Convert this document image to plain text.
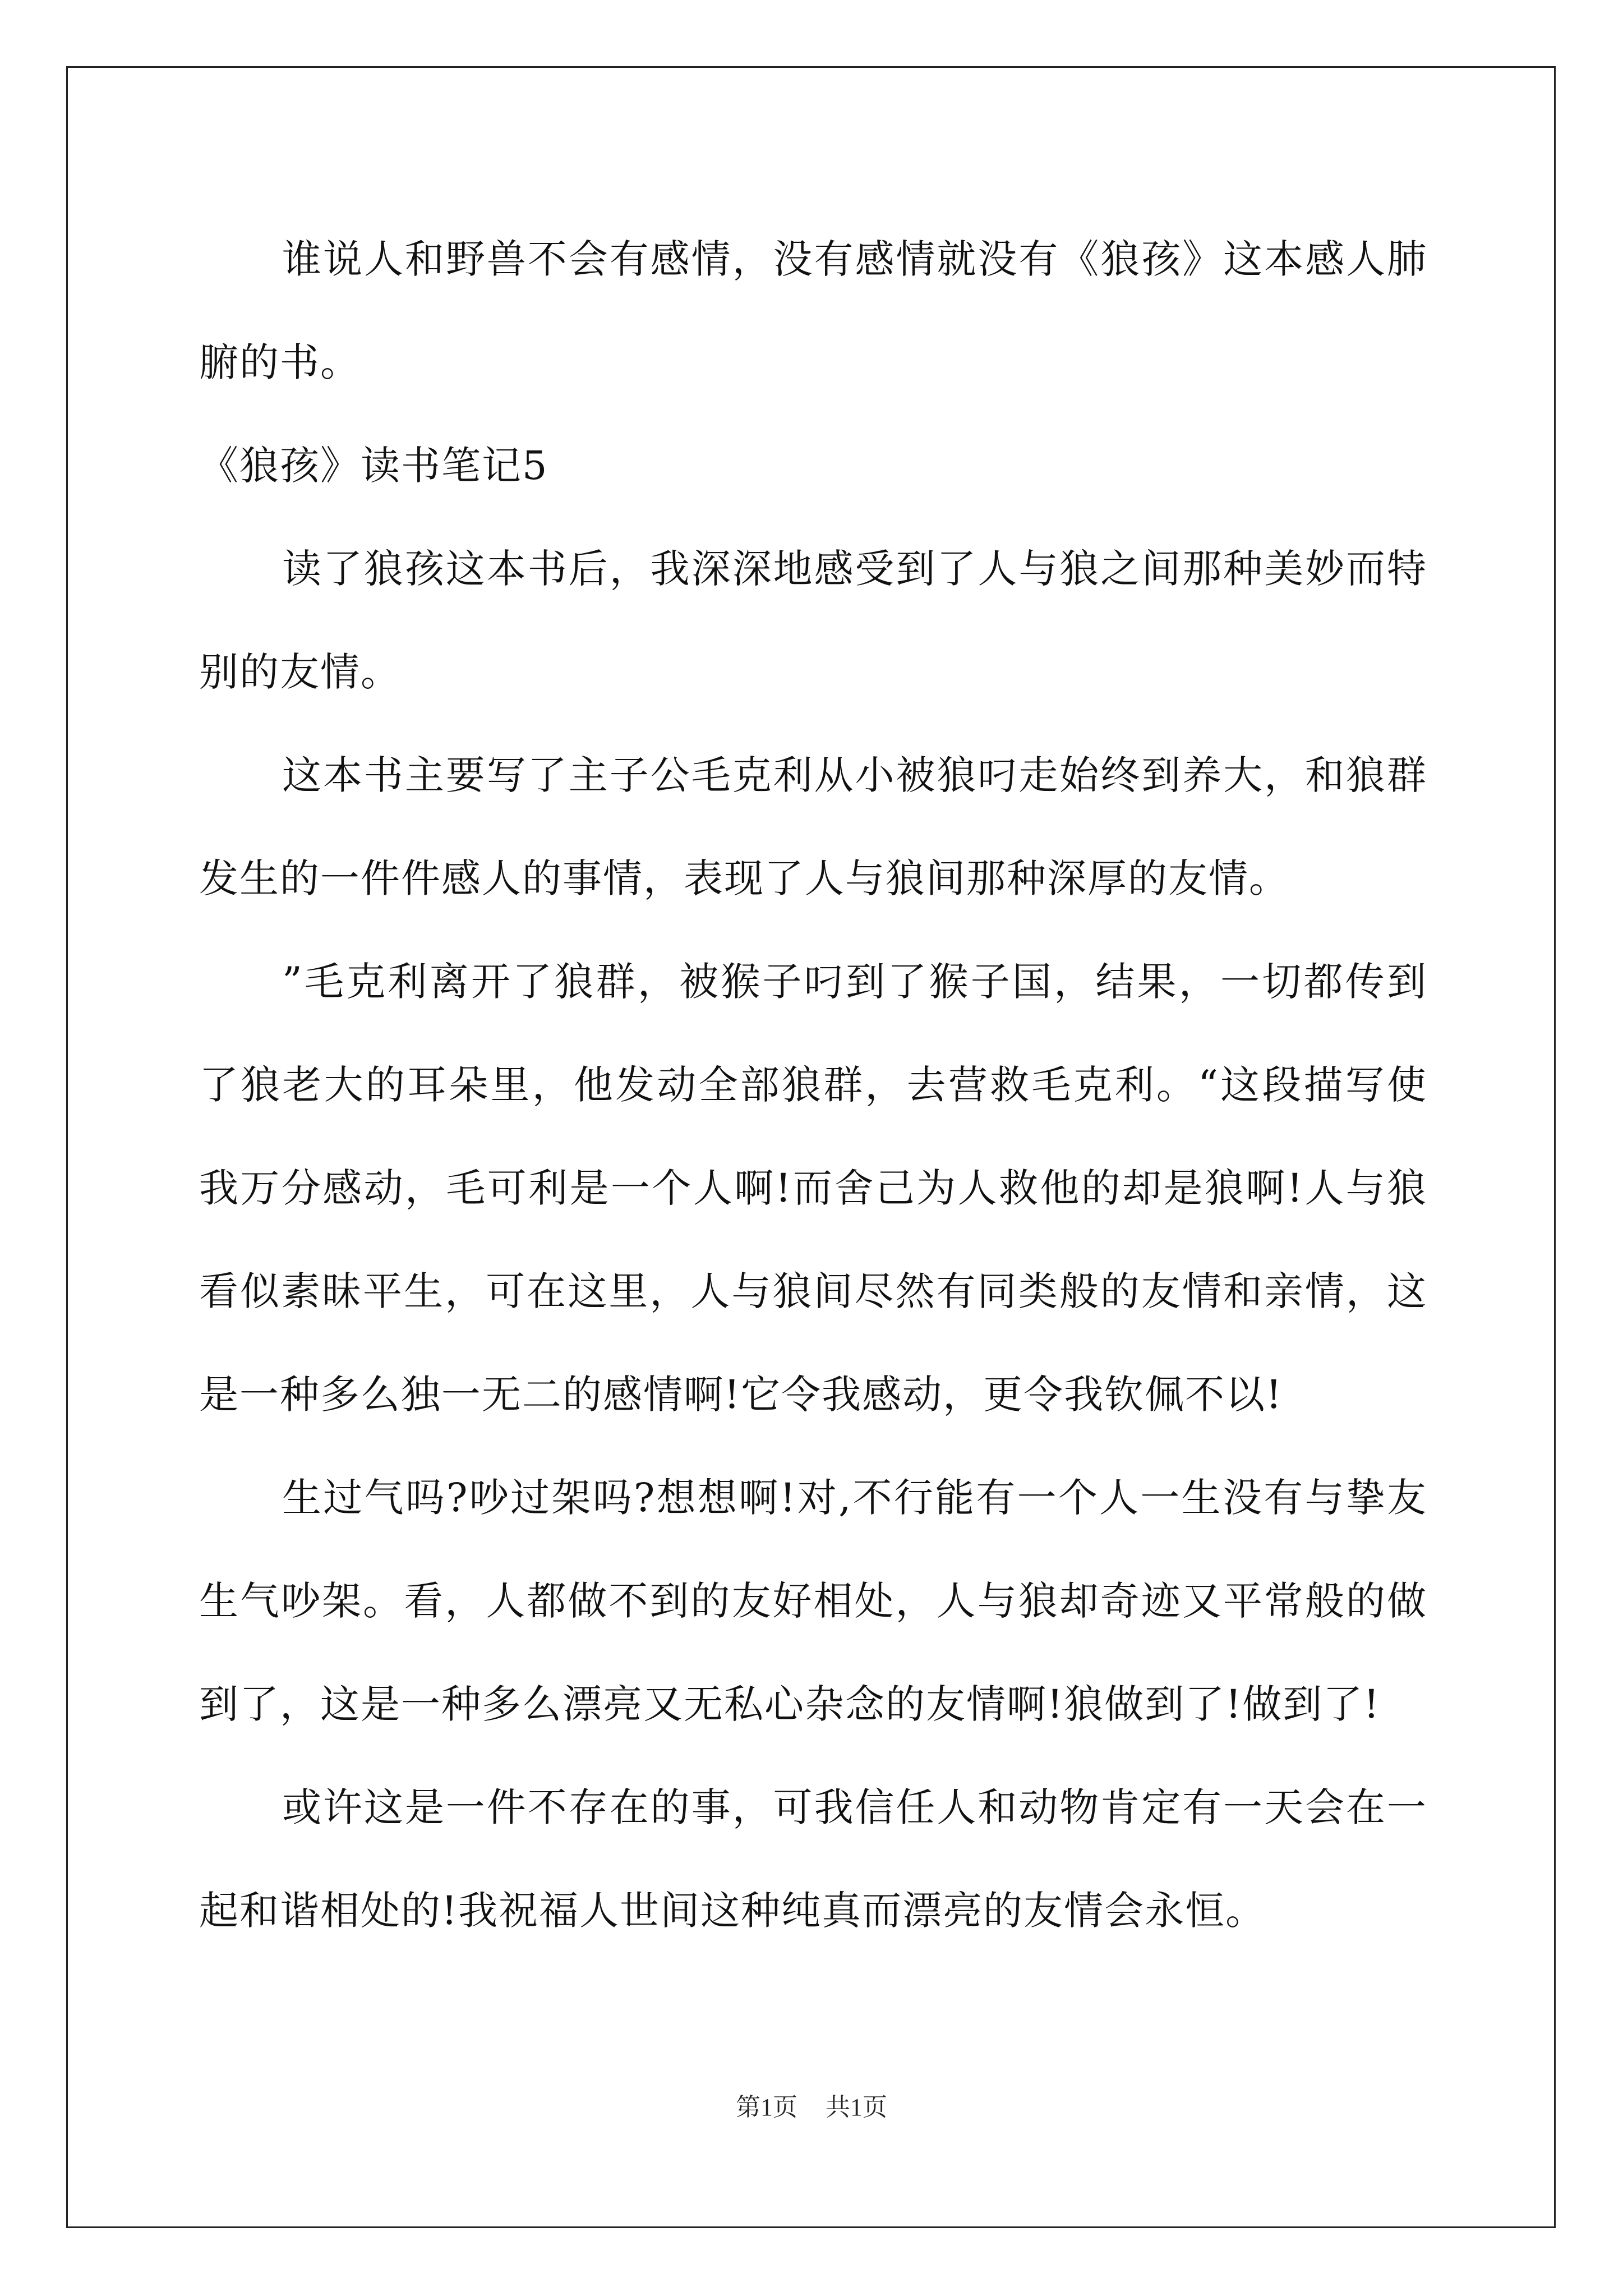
谁说人和野兽不会有感情，没有感情就没有《狼孩》这本感人肺腑的书。

《狼孩》读书笔记5

读了狼孩这本书后，我深深地感受到了人与狼之间那种美妙而特别的友情。

这本书主要写了主子公毛克利从小被狼叼走始终到养大，和狼群发生的一件件感人的事情，表现了人与狼间那种深厚的友情。

”毛克利离开了狼群，被猴子叼到了猴子国，结果，一切都传到了狼老大的耳朵里，他发动全部狼群，去营救毛克利。“这段描写使我万分感动，毛可利是一个人啊!而舍己为人救他的却是狼啊!人与狼看似素昧平生，可在这里，人与狼间尽然有同类般的友情和亲情，这是一种多么独一无二的感情啊!它令我感动，更令我钦佩不以!

生过气吗?吵过架吗?想想啊!对,不行能有一个人一生没有与挚友生气吵架。看，人都做不到的友好相处，人与狼却奇迹又平常般的做到了，这是一种多么漂亮又无私心杂念的友情啊!狼做到了!做到了!

或许这是一件不存在的事，可我信任人和动物肯定有一天会在一起和谐相处的!我祝福人世间这种纯真而漂亮的友情会永恒。

第1页 共1页
